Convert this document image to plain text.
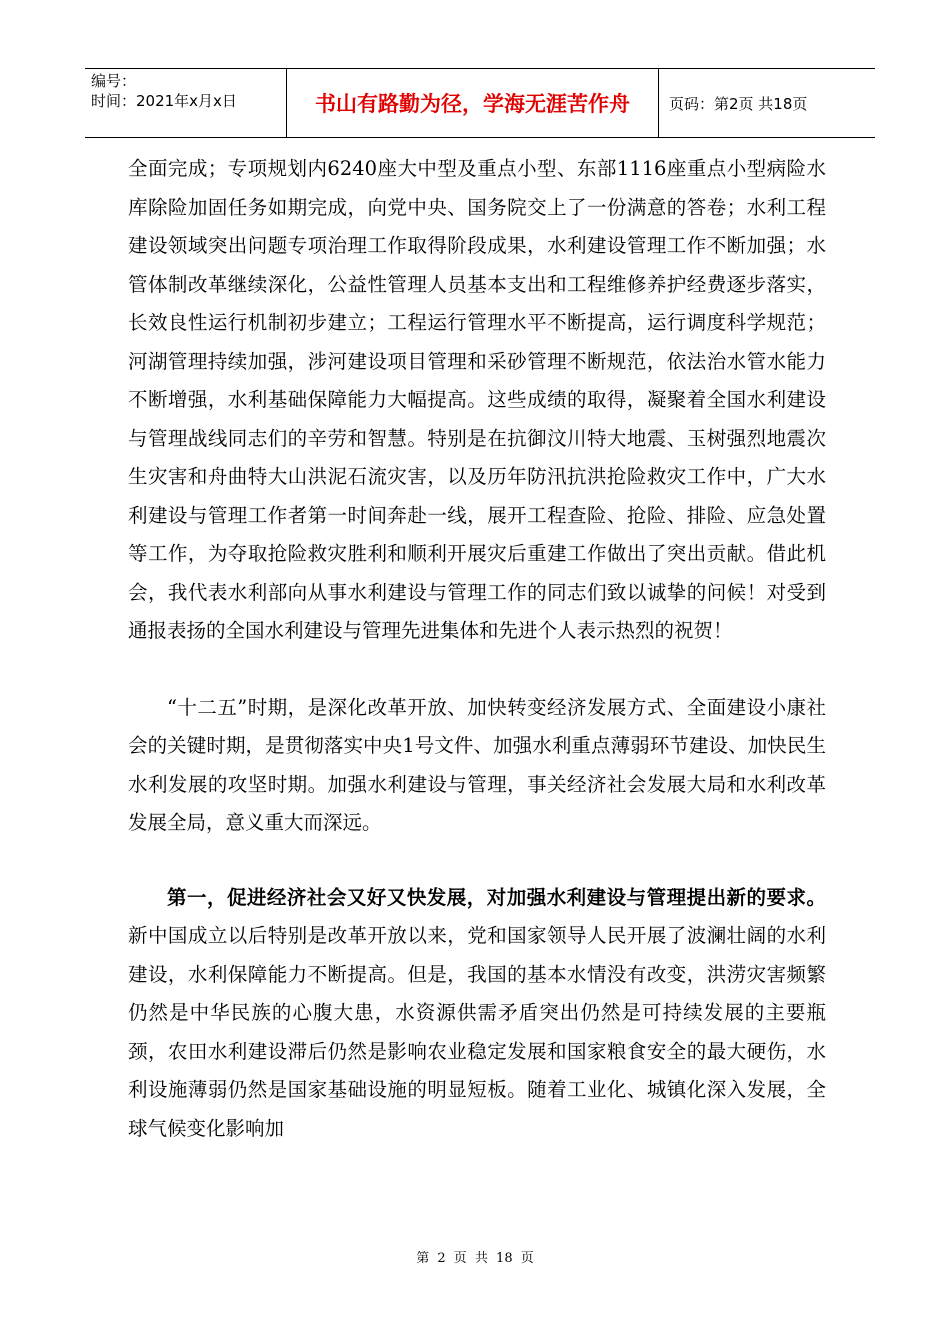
编号：
时间：2021年x月x日	书山有路勤为径，学海无涯苦作舟	页码：第2页 共18页

全面完成；专项规划内6240座大中型及重点小型、东部1116座重点小型病险水库除险加固任务如期完成，向党中央、国务院交上了一份满意的答卷；水利工程建设领域突出问题专项治理工作取得阶段成果，水利建设管理工作不断加强；水管体制改革继续深化，公益性管理人员基本支出和工程维修养护经费逐步落实，长效良性运行机制初步建立；工程运行管理水平不断提高，运行调度科学规范；河湖管理持续加强，涉河建设项目管理和采砂管理不断规范，依法治水管水能力不断增强，水利基础保障能力大幅提高。这些成绩的取得，凝聚着全国水利建设与管理战线同志们的辛劳和智慧。特别是在抗御汶川特大地震、玉树强烈地震次生灾害和舟曲特大山洪泥石流灾害，以及历年防汛抗洪抢险救灾工作中，广大水利建设与管理工作者第一时间奔赴一线，展开工程查险、抢险、排险、应急处置等工作，为夺取抢险救灾胜利和顺利开展灾后重建工作做出了突出贡献。借此机会，我代表水利部向从事水利建设与管理工作的同志们致以诚挚的问候！对受到通报表扬的全国水利建设与管理先进集体和先进个人表示热烈的祝贺！

“十二五”时期，是深化改革开放、加快转变经济发展方式、全面建设小康社会的关键时期，是贯彻落实中央1号文件、加强水利重点薄弱环节建设、加快民生水利发展的攻坚时期。加强水利建设与管理，事关经济社会发展大局和水利改革发展全局，意义重大而深远。

第一，促进经济社会又好又快发展，对加强水利建设与管理提出新的要求。新中国成立以后特别是改革开放以来，党和国家领导人民开展了波澜壮阔的水利建设，水利保障能力不断提高。但是，我国的基本水情没有改变，洪涝灾害频繁仍然是中华民族的心腹大患，水资源供需矛盾突出仍然是可持续发展的主要瓶颈，农田水利建设滞后仍然是影响农业稳定发展和国家粮食安全的最大硬伤，水利设施薄弱仍然是国家基础设施的明显短板。随着工业化、城镇化深入发展，全球气候变化影响加

第 2 页 共 18 页
